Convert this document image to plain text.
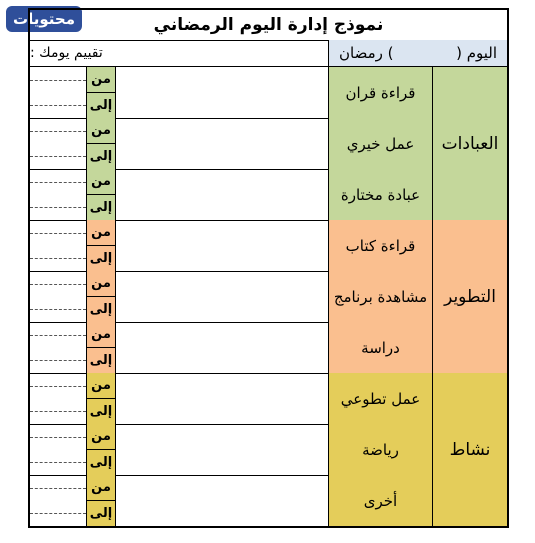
محتويات	نموذج إدارة اليوم الرمضاني
اليوم (
) رمضان
تقييم يومك :
العبادات
قراءة قران
من
إلى
عمل خيري
من
إلى
عبادة مختارة
من
إلى
التطوير
قراءة كتاب
من
إلى
مشاهدة برنامج
من
إلى
دراسة
من
إلى
نشاط
عمل تطوعي
من
إلى
رياضة
من
إلى
أخرى
من
إلى
